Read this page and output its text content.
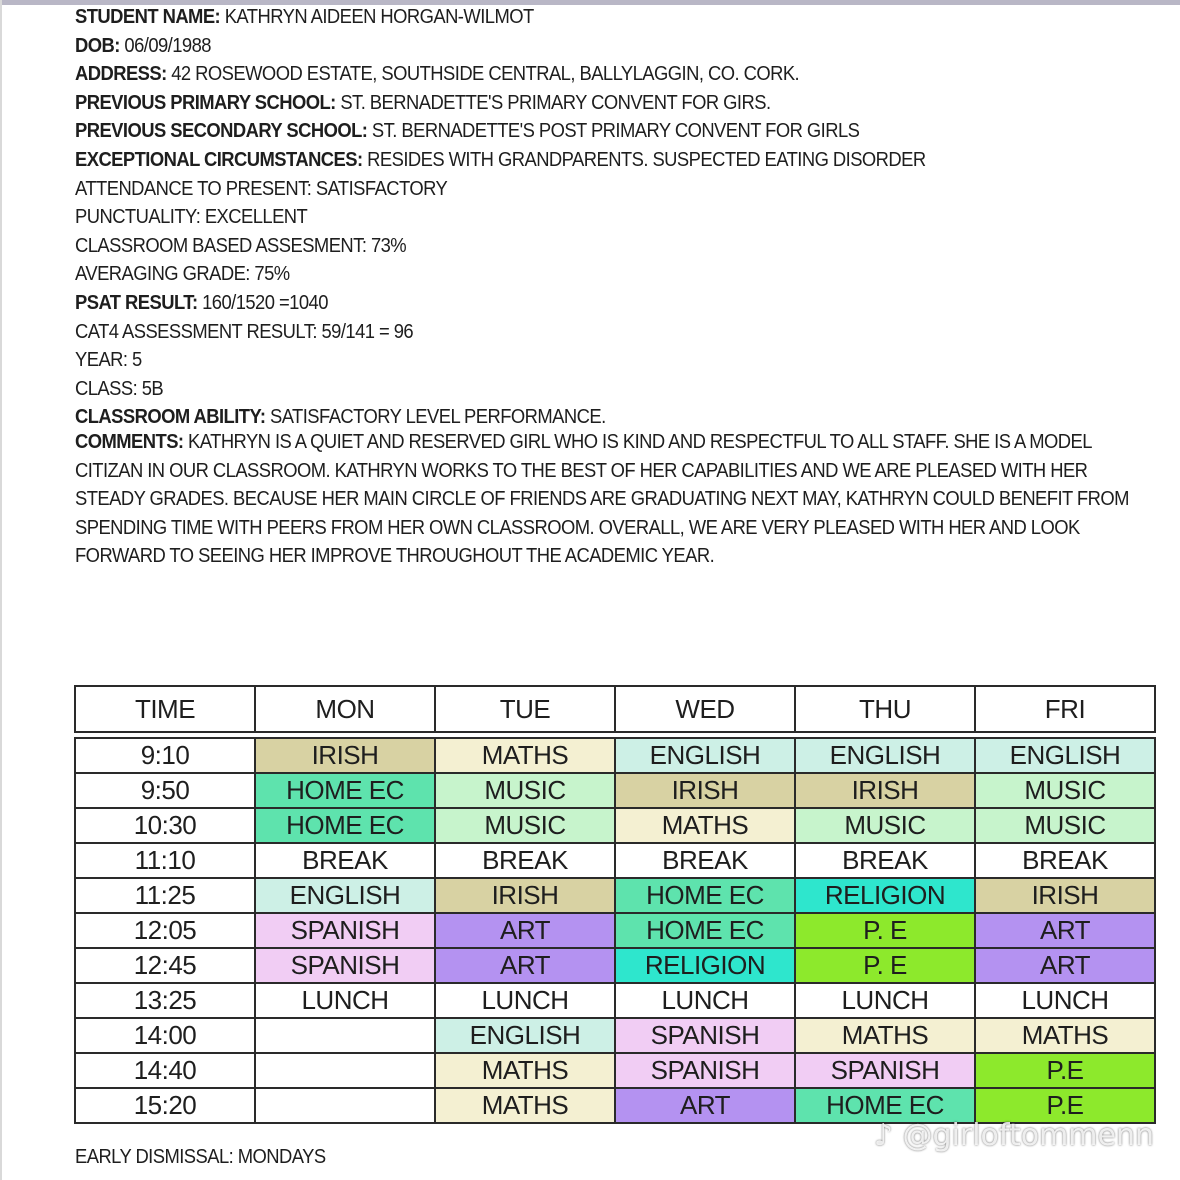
STUDENT NAME: KATHRYN AIDEEN HORGAN-WILMOT
DOB: 06/09/1988
ADDRESS: 42 ROSEWOOD ESTATE, SOUTHSIDE CENTRAL, BALLYLAGGIN, CO. CORK.
PREVIOUS PRIMARY SCHOOL: ST. BERNADETTE'S PRIMARY CONVENT FOR GIRS.
PREVIOUS SECONDARY SCHOOL: ST. BERNADETTE'S POST PRIMARY CONVENT FOR GIRLS
EXCEPTIONAL CIRCUMSTANCES: RESIDES WITH GRANDPARENTS. SUSPECTED EATING DISORDER
ATTENDANCE TO PRESENT: SATISFACTORY
PUNCTUALITY: EXCELLENT
CLASSROOM BASED ASSESMENT: 73%
AVERAGING GRADE: 75%
PSAT RESULT: 160/1520 =1040
CAT4 ASSESSMENT RESULT: 59/141 = 96
YEAR: 5
CLASS: 5B
CLASSROOM ABILITY: SATISFACTORY LEVEL PERFORMANCE.
COMMENTS: KATHRYN IS A QUIET AND RESERVED GIRL WHO IS KIND AND RESPECTFUL TO ALL STAFF. SHE IS A MODEL CITIZAN IN OUR CLASSROOM. KATHRYN WORKS TO THE BEST OF HER CAPABILITIES AND WE ARE PLEASED WITH HER STEADY GRADES. BECAUSE HER MAIN CIRCLE OF FRIENDS ARE GRADUATING NEXT MAY, KATHRYN COULD BENEFIT FROM SPENDING TIME WITH PEERS FROM HER OWN CLASSROOM. OVERALL, WE ARE VERY PLEASED WITH HER AND LOOK FORWARD TO SEEING HER IMPROVE THROUGHOUT THE ACADEMIC YEAR.
TIME	MON	TUE	WED	THU	FRI

9:10	IRISH	MATHS	ENGLISH	ENGLISH	ENGLISH
9:50	HOME EC	MUSIC	IRISH	IRISH	MUSIC
10:30	HOME EC	MUSIC	MATHS	MUSIC	MUSIC
11:10	BREAK	BREAK	BREAK	BREAK	BREAK
11:25	ENGLISH	IRISH	HOME EC	RELIGION	IRISH
12:05	SPANISH	ART	HOME EC	P. E	ART
12:45	SPANISH	ART	RELIGION	P. E	ART
13:25	LUNCH	LUNCH	LUNCH	LUNCH	LUNCH
14:00		ENGLISH	SPANISH	MATHS	MATHS
14:40		MATHS	SPANISH	SPANISH	P.E
15:20		MATHS	ART	HOME EC	P.E
EARLY DISMISSAL: MONDAYS
♪ @girloftommenn
